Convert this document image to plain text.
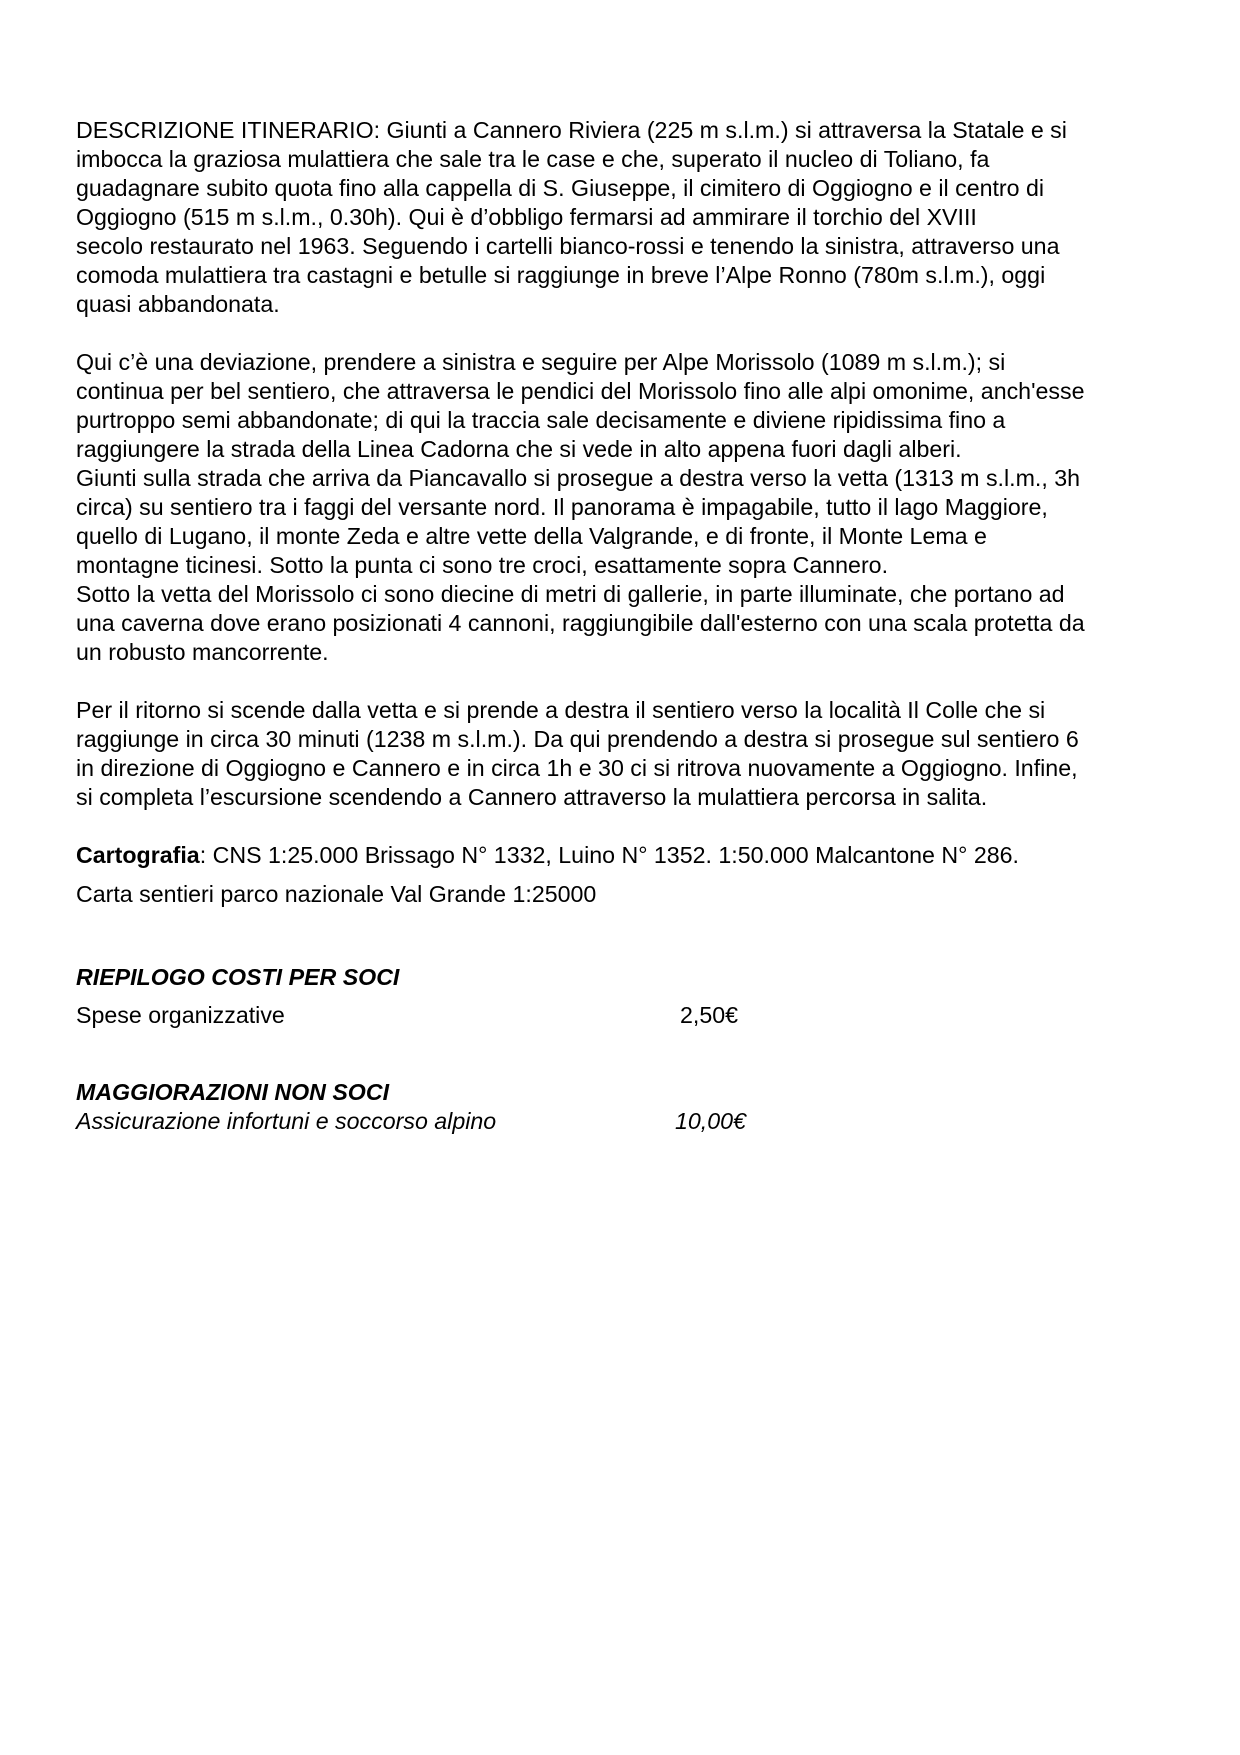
DESCRIZIONE ITINERARIO: Giunti a Cannero Riviera (225 m s.l.m.) si attraversa la Statale e si
imbocca la graziosa mulattiera che sale tra le case e che, superato il nucleo di Toliano, fa
guadagnare subito quota fino alla cappella di S. Giuseppe, il cimitero di Oggiogno e il centro di
Oggiogno (515 m s.l.m., 0.30h). Qui è d’obbligo fermarsi ad ammirare il torchio del XVIII
secolo restaurato nel 1963. Seguendo i cartelli bianco-rossi e tenendo la sinistra, attraverso una
comoda mulattiera tra castagni e betulle si raggiunge in breve l’Alpe Ronno (780m s.l.m.), oggi
quasi abbandonata.
Qui c’è una deviazione, prendere a sinistra e seguire per Alpe Morissolo (1089 m s.l.m.); si
continua per bel sentiero, che attraversa le pendici del Morissolo fino alle alpi omonime, anch'esse
purtroppo semi abbandonate; di qui la traccia sale decisamente e diviene ripidissima fino a
raggiungere la strada della Linea Cadorna che si vede in alto appena fuori dagli alberi.
Giunti sulla strada che arriva da Piancavallo si prosegue a destra verso la vetta (1313 m s.l.m., 3h
circa) su sentiero tra i faggi del versante nord. Il panorama è impagabile, tutto il lago Maggiore,
quello di Lugano, il monte Zeda e altre vette della Valgrande, e di fronte, il Monte Lema e
montagne ticinesi. Sotto la punta ci sono tre croci, esattamente sopra Cannero.
Sotto la vetta del Morissolo ci sono diecine di metri di gallerie, in parte illuminate, che portano ad
una caverna dove erano posizionati 4 cannoni, raggiungibile dall'esterno con una scala protetta da
un robusto mancorrente.
Per il ritorno si scende dalla vetta e si prende a destra il sentiero verso la località Il Colle che si
raggiunge in circa 30 minuti (1238 m s.l.m.). Da qui prendendo a destra si prosegue sul sentiero 6
in direzione di Oggiogno e Cannero e in circa 1h e 30 ci si ritrova nuovamente a Oggiogno. Infine,
si completa l’escursione scendendo a Cannero attraverso la mulattiera percorsa in salita.
Cartografia: CNS 1:25.000 Brissago N° 1332, Luino N° 1352. 1:50.000 Malcantone N° 286.
Carta sentieri parco nazionale Val Grande 1:25000
RIEPILOGO COSTI PER SOCI
Spese organizzative	2,50€
MAGGIORAZIONI NON SOCI
Assicurazione infortuni e soccorso alpino	10,00€
